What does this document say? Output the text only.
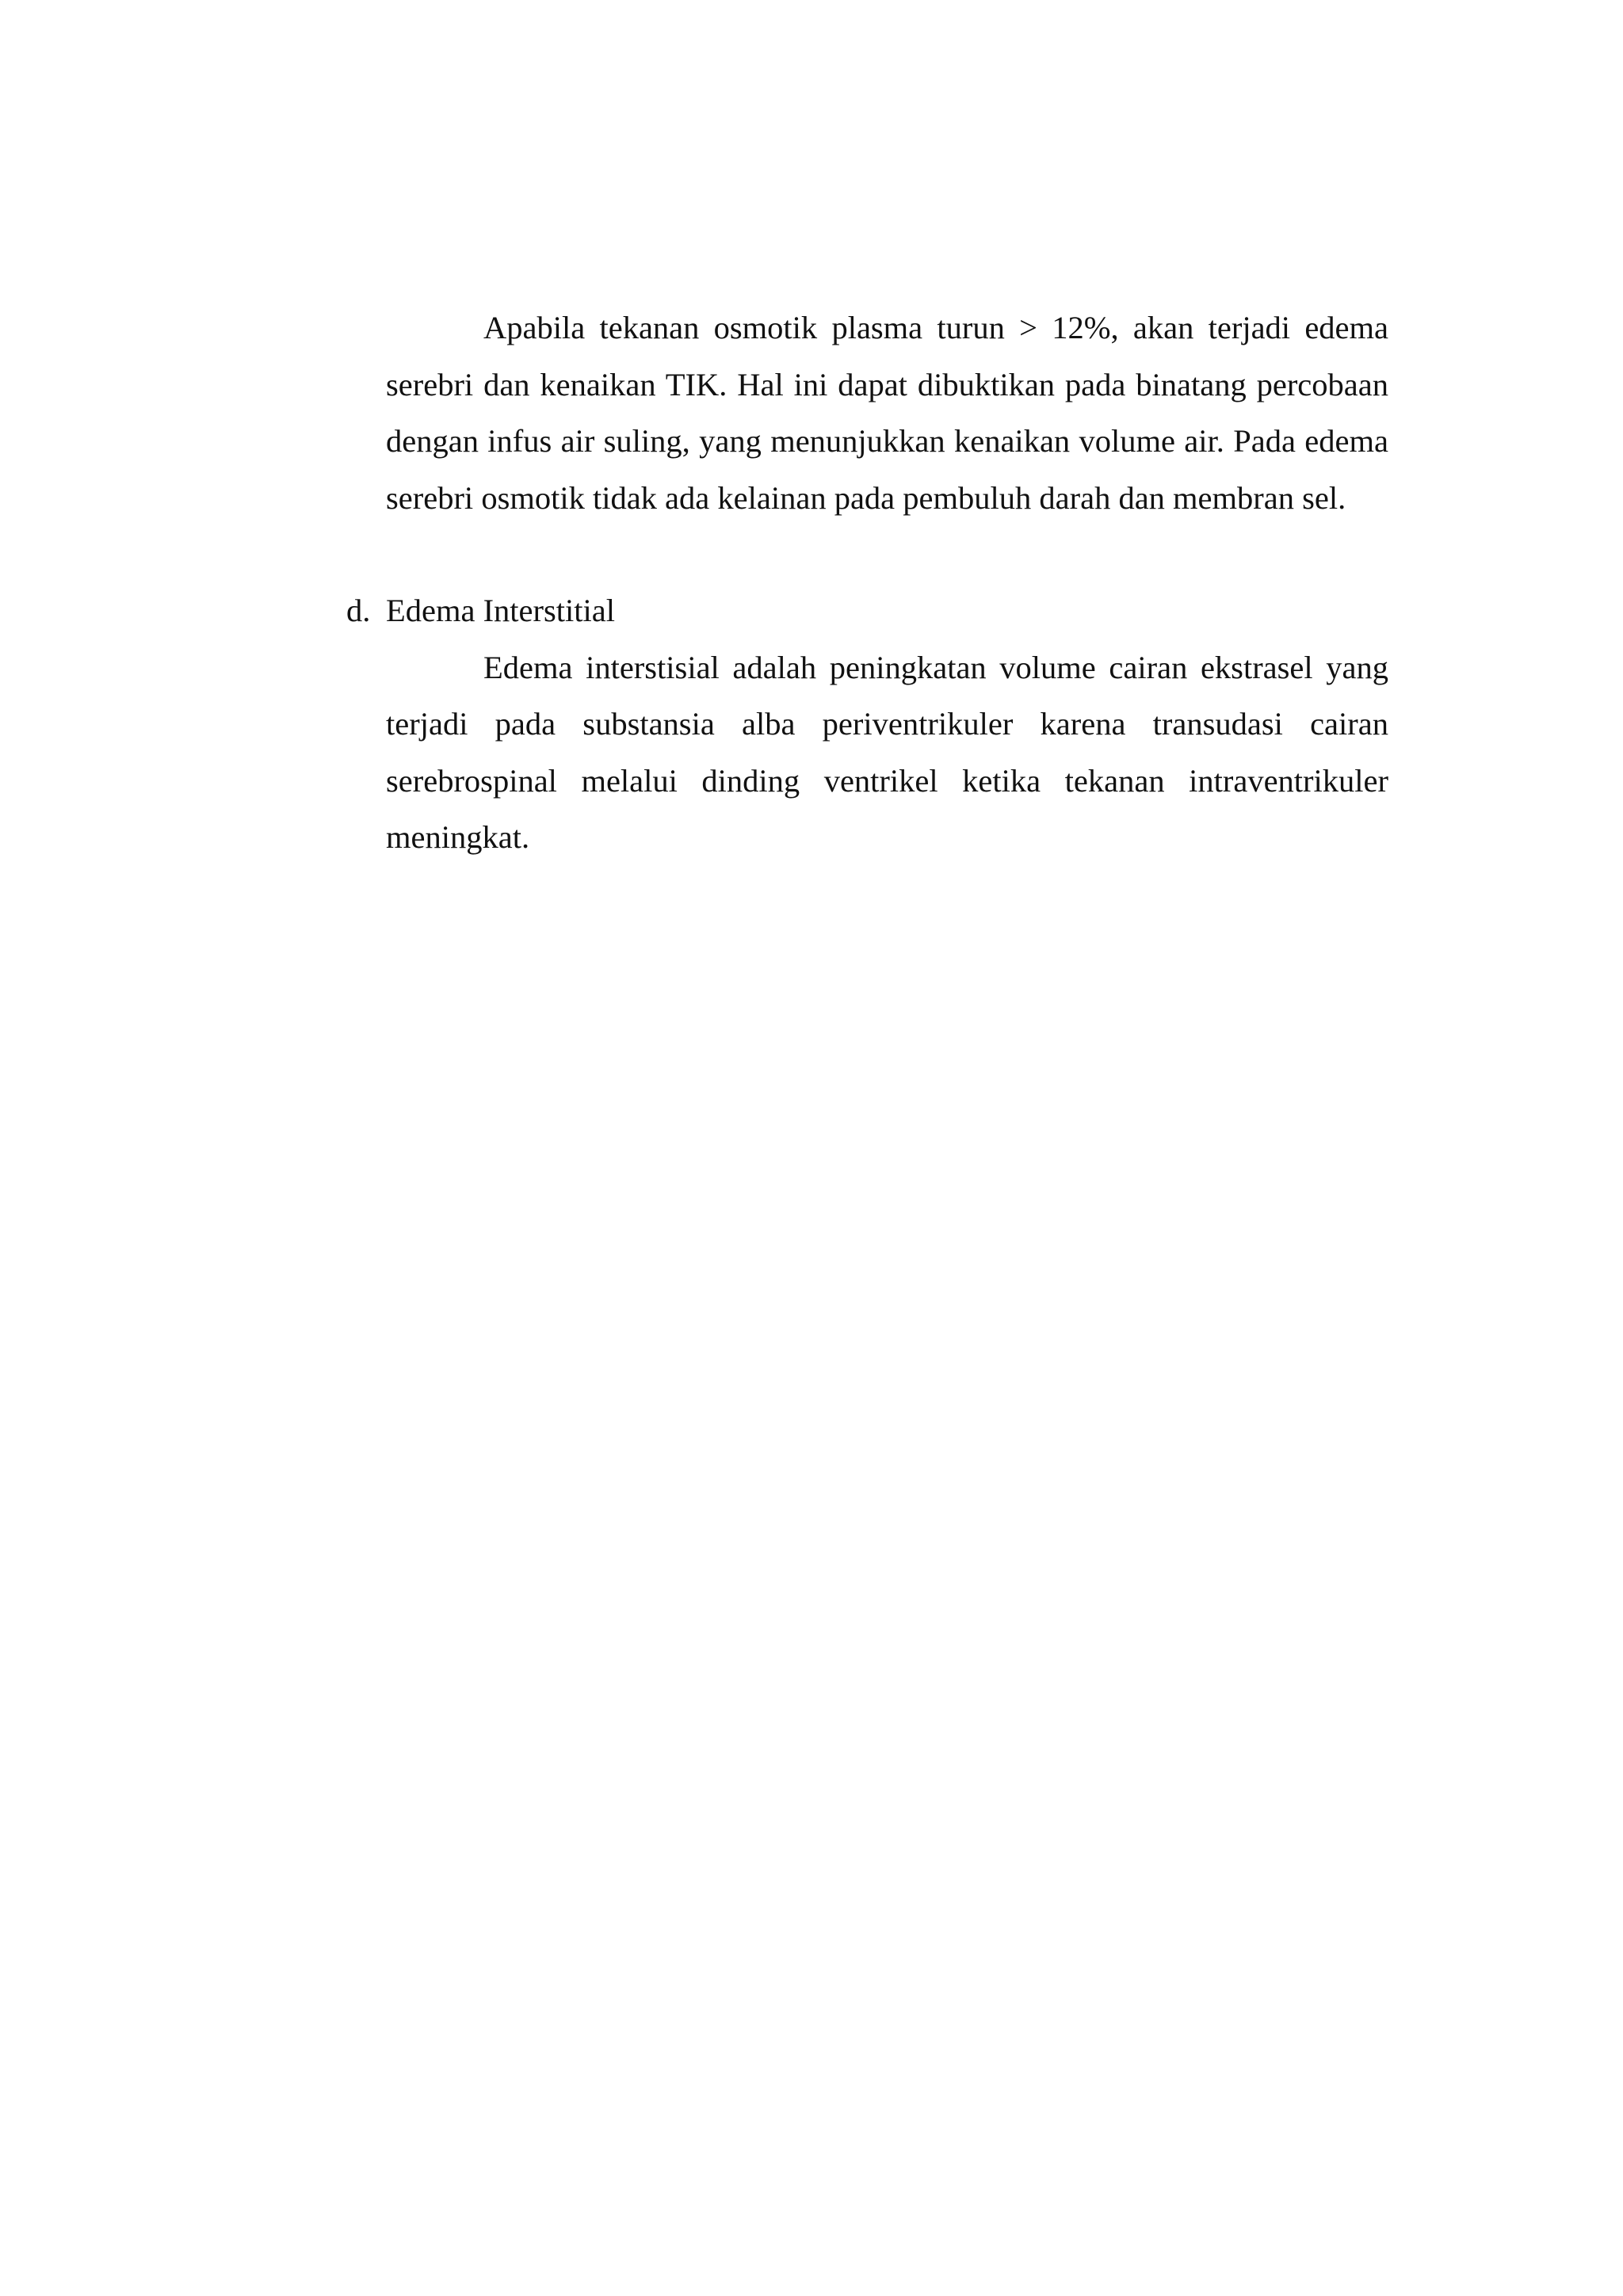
Apabila tekanan osmotik plasma turun > 12%, akan terjadi edema serebri dan kenaikan TIK. Hal ini dapat dibuktikan pada binatang percobaan dengan infus air suling, yang menunjukkan kenaikan volume air. Pada edema serebri osmotik tidak ada kelainan pada pembuluh darah dan membran sel.

d. Edema Interstitial

Edema interstisial adalah peningkatan volume cairan ekstrasel yang terjadi pada substansia alba periventrikuler karena transudasi cairan serebrospinal melalui dinding ventrikel ketika tekanan intraventrikuler meningkat.
